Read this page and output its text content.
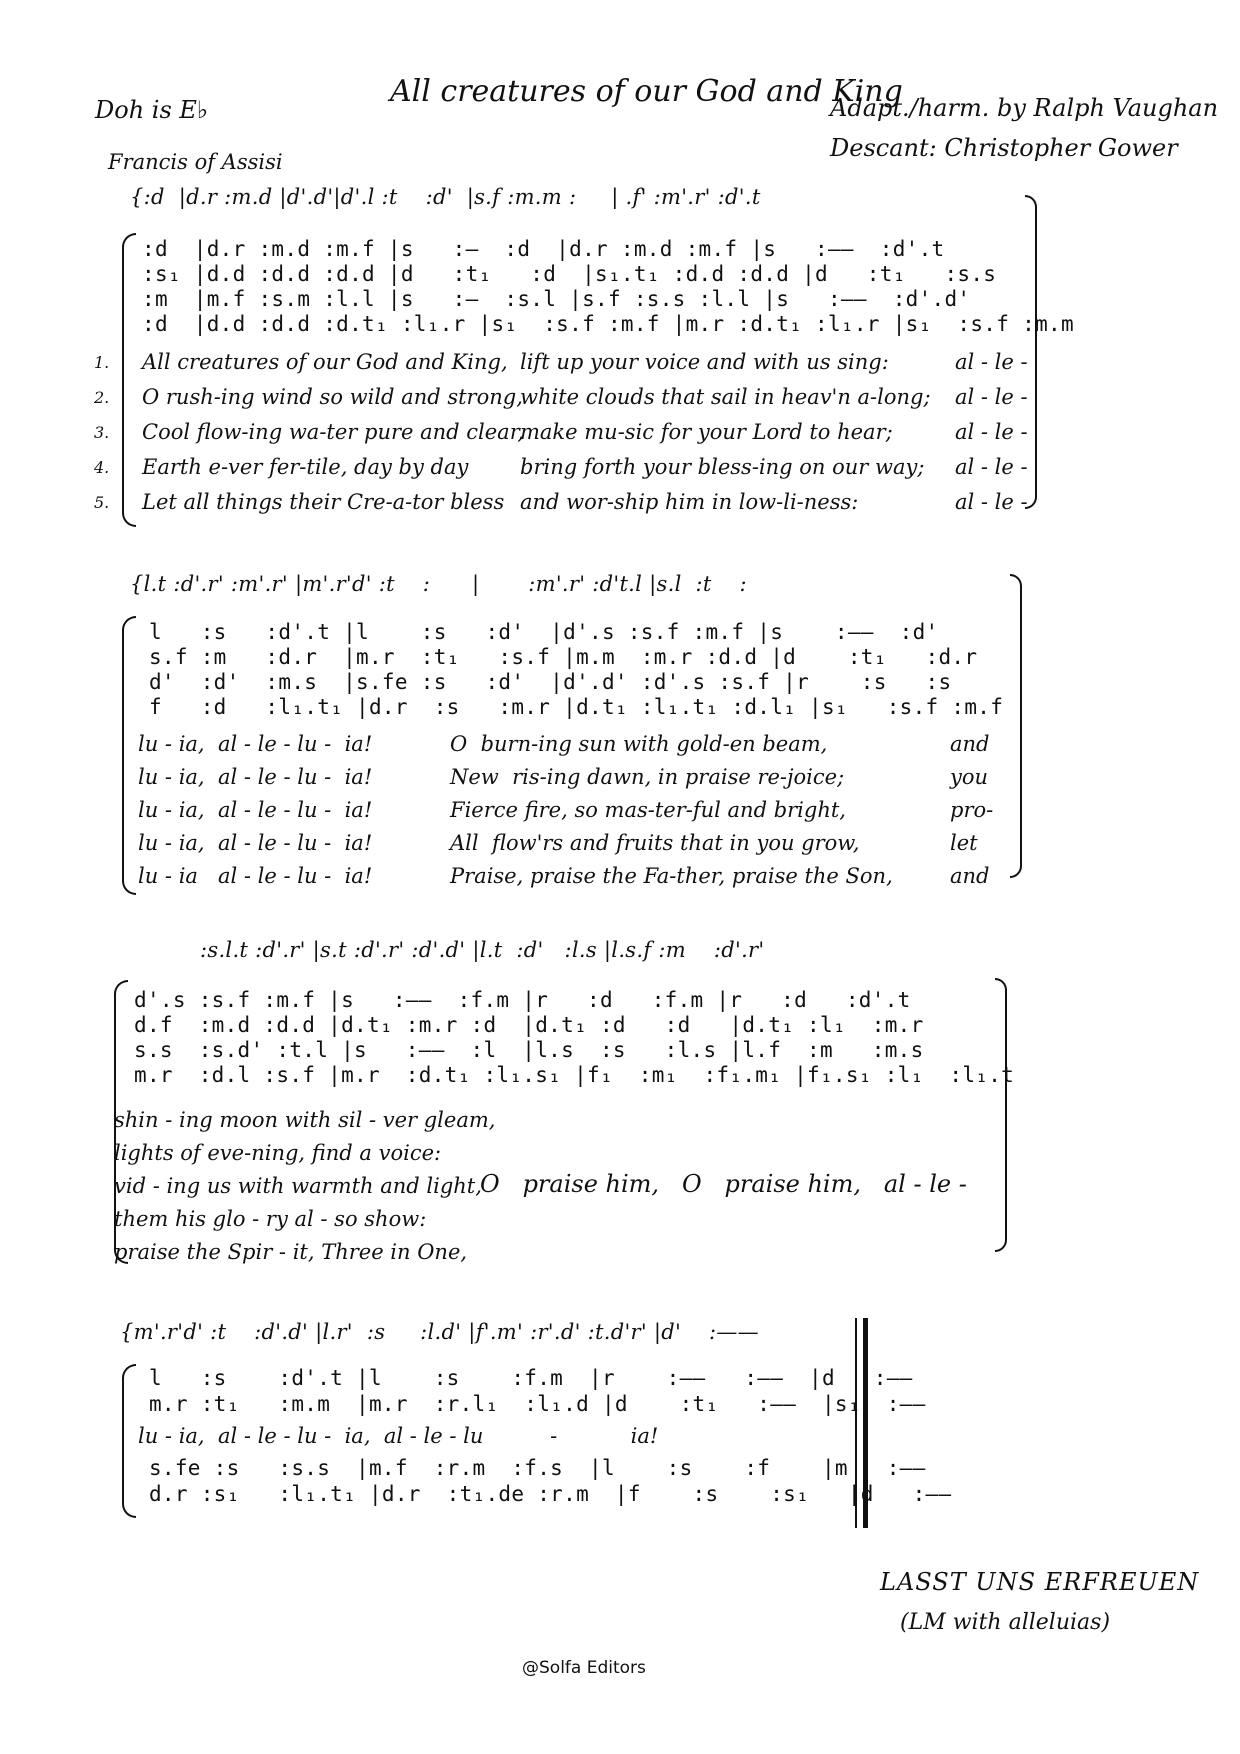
All creatures of our God and King
Doh is E♭
Francis of Assisi
Adapt./harm. by Ralph Vaughan
Descant: Christopher Gower
{:d  |d.r :m.d |d'.d'|d'.l :t    :d'  |s.f :m.m :     | .f' :m'.r' :d'.t
:d  |d.r :m.d :m.f |s   :—  :d  |d.r :m.d :m.f |s   :——  :d'.t
:s₁ |d.d :d.d :d.d |d   :t₁   :d  |s₁.t₁ :d.d :d.d |d   :t₁   :s.s
:m  |m.f :s.m :l.l |s   :—  :s.l |s.f :s.s :l.l |s   :——  :d'.d'
:d  |d.d :d.d :d.t₁ :l₁.r |s₁  :s.f :m.f |m.r :d.t₁ :l₁.r |s₁  :s.f :m.m
1.
2.
3.
4.
5.
All creatures of our God and King,
O rush-ing wind so wild and strong,
Cool flow-ing wa-ter pure and clear,
Earth e-ver fer-tile, day by day
Let all things their Cre-a-tor bless
lift up your voice and with us sing:
white clouds that sail in heav'n a-long;
make mu-sic for your Lord to hear;
bring forth your bless-ing on our way;
and wor-ship him in low-li-ness:
al - le -
al - le -
al - le -
al - le -
al - le -
{l.t :d'.r' :m'.r' |m'.r'd' :t    :      |       :m'.r' :d't.l |s.l  :t    :
l   :s   :d'.t |l    :s   :d'  |d'.s :s.f :m.f |s    :——  :d'
s.f :m   :d.r  |m.r  :t₁   :s.f |m.m  :m.r :d.d |d    :t₁   :d.r
d'  :d'  :m.s  |s.fe :s   :d'  |d'.d' :d'.s :s.f |r    :s   :s
f   :d   :l₁.t₁ |d.r  :s   :m.r |d.t₁ :l₁.t₁ :d.l₁ |s₁   :s.f :m.f
lu - ia,  al - le - lu -  ia!
lu - ia,  al - le - lu -  ia!
lu - ia,  al - le - lu -  ia!
lu - ia,  al - le - lu -  ia!
lu - ia   al - le - lu -  ia!
O  burn-ing sun with gold-en beam,
New  ris-ing dawn, in praise re-joice;
Fierce fire, so mas-ter-ful and bright,
All  flow'rs and fruits that in you grow,
Praise, praise the Fa-ther, praise the Son,
and
you
pro-
let
and
:s.l.t :d'.r' |s.t :d'.r' :d'.d' |l.t  :d'   :l.s |l.s.f :m    :d'.r'
d'.s :s.f :m.f |s   :——  :f.m |r   :d   :f.m |r   :d   :d'.t
d.f  :m.d :d.d |d.t₁ :m.r :d  |d.t₁ :d   :d   |d.t₁ :l₁  :m.r
s.s  :s.d' :t.l |s   :——  :l  |l.s  :s   :l.s |l.f  :m   :m.s
m.r  :d.l :s.f |m.r  :d.t₁ :l₁.s₁ |f₁  :m₁  :f₁.m₁ |f₁.s₁ :l₁  :l₁.t
shin - ing moon with sil - ver gleam,
lights of eve-ning, find a voice:
vid - ing us with warmth and light,
them his glo - ry al - so show:
praise the Spir - it, Three in One,
O   praise him,   O   praise him,   al - le -
{m'.r'd' :t    :d'.d' |l.r'  :s     :l.d' |f'.m' :r'.d' :t.d'r' |d'    :——
l   :s    :d'.t |l    :s    :f.m  |r    :——   :——  |d   :——
m.r :t₁   :m.m  |m.r  :r.l₁  :l₁.d |d    :t₁   :——  |s₁  :——
lu - ia,  al - le - lu -  ia,  al - le - lu          -           ia!
s.fe :s   :s.s  |m.f  :r.m  :f.s  |l    :s    :f    |m   :——
d.r :s₁   :l₁.t₁ |d.r  :t₁.de :r.m  |f    :s    :s₁   |d   :——
LASST UNS ERFREUEN
(LM with alleluias)
@Solfa Editors
